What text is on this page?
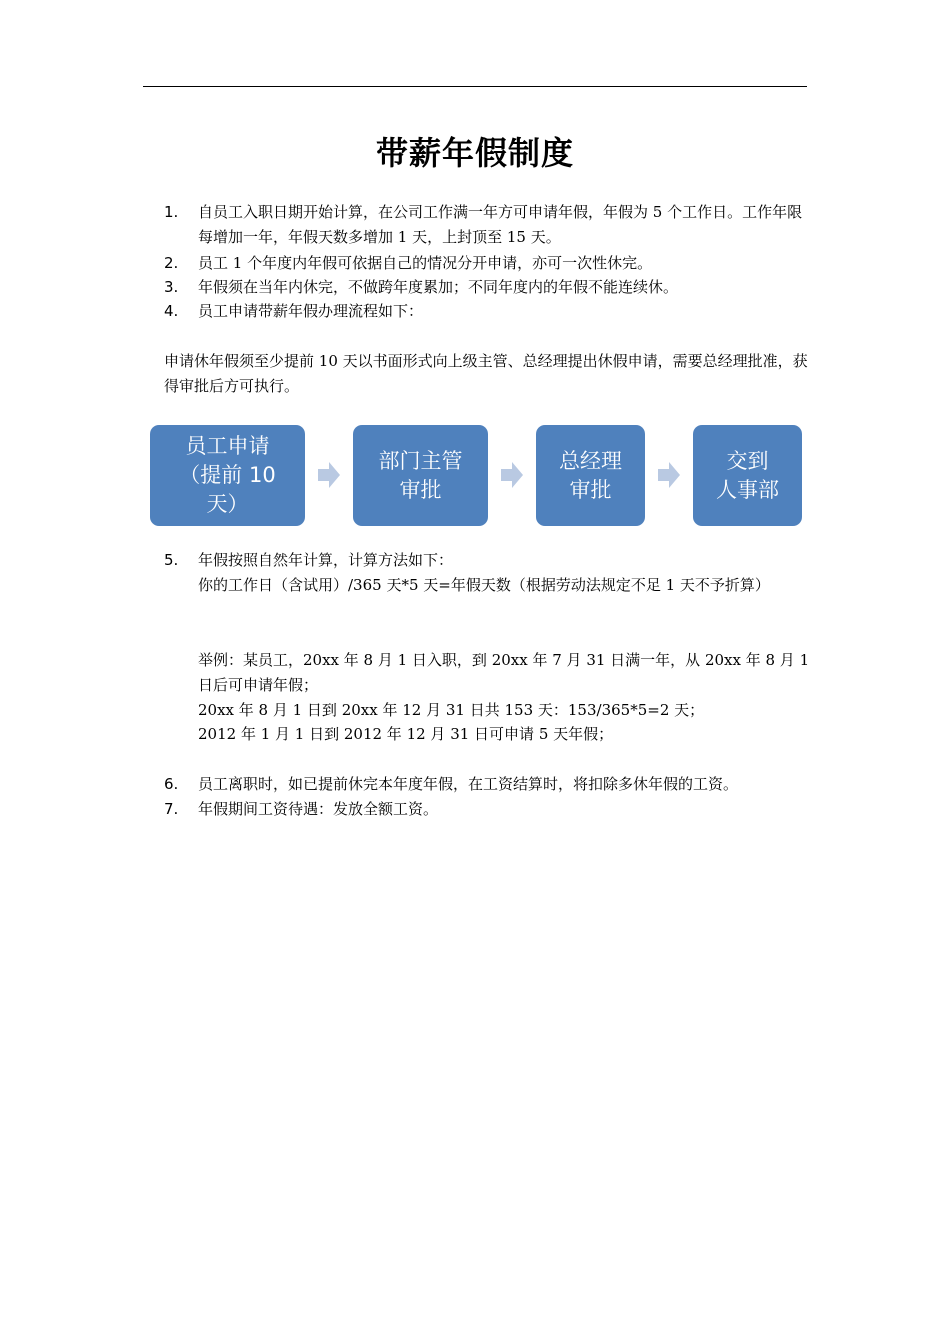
带薪年假制度
1.	自员工入职日期开始计算，在公司工作满一年方可申请年假，年假为 5 个工作日。工作年限每增加一年，年假天数多增加 1 天，上封顶至 15 天。
2.	员工 1 个年度内年假可依据自己的情况分开申请，亦可一次性休完。
3.	年假须在当年内休完，不做跨年度累加；不同年度内的年假不能连续休。
4.	员工申请带薪年假办理流程如下：
申请休年假须至少提前 10 天以书面形式向上级主管、总经理提出休假申请，需要总经理批准，获得审批后方可执行。
员工申请
（提前 10
天）
部门主管
审批
总经理
审批
交到
人事部
5.	年假按照自然年计算，计算方法如下：
你的工作日（含试用）/365 天*5 天=年假天数（根据劳动法规定不足 1 天不予折算）
举例：某员工，20xx 年 8 月 1 日入职，到 20xx 年 7 月 31 日满一年，从 20xx 年 8 月 1 日后可申请年假；
20xx 年 8 月 1 日到 20xx 年 12 月 31 日共 153 天：153/365*5=2 天；
2012 年 1 月 1 日到 2012 年 12 月 31 日可申请 5 天年假；
6.	员工离职时，如已提前休完本年度年假，在工资结算时，将扣除多休年假的工资。
7.	年假期间工资待遇：发放全额工资。
